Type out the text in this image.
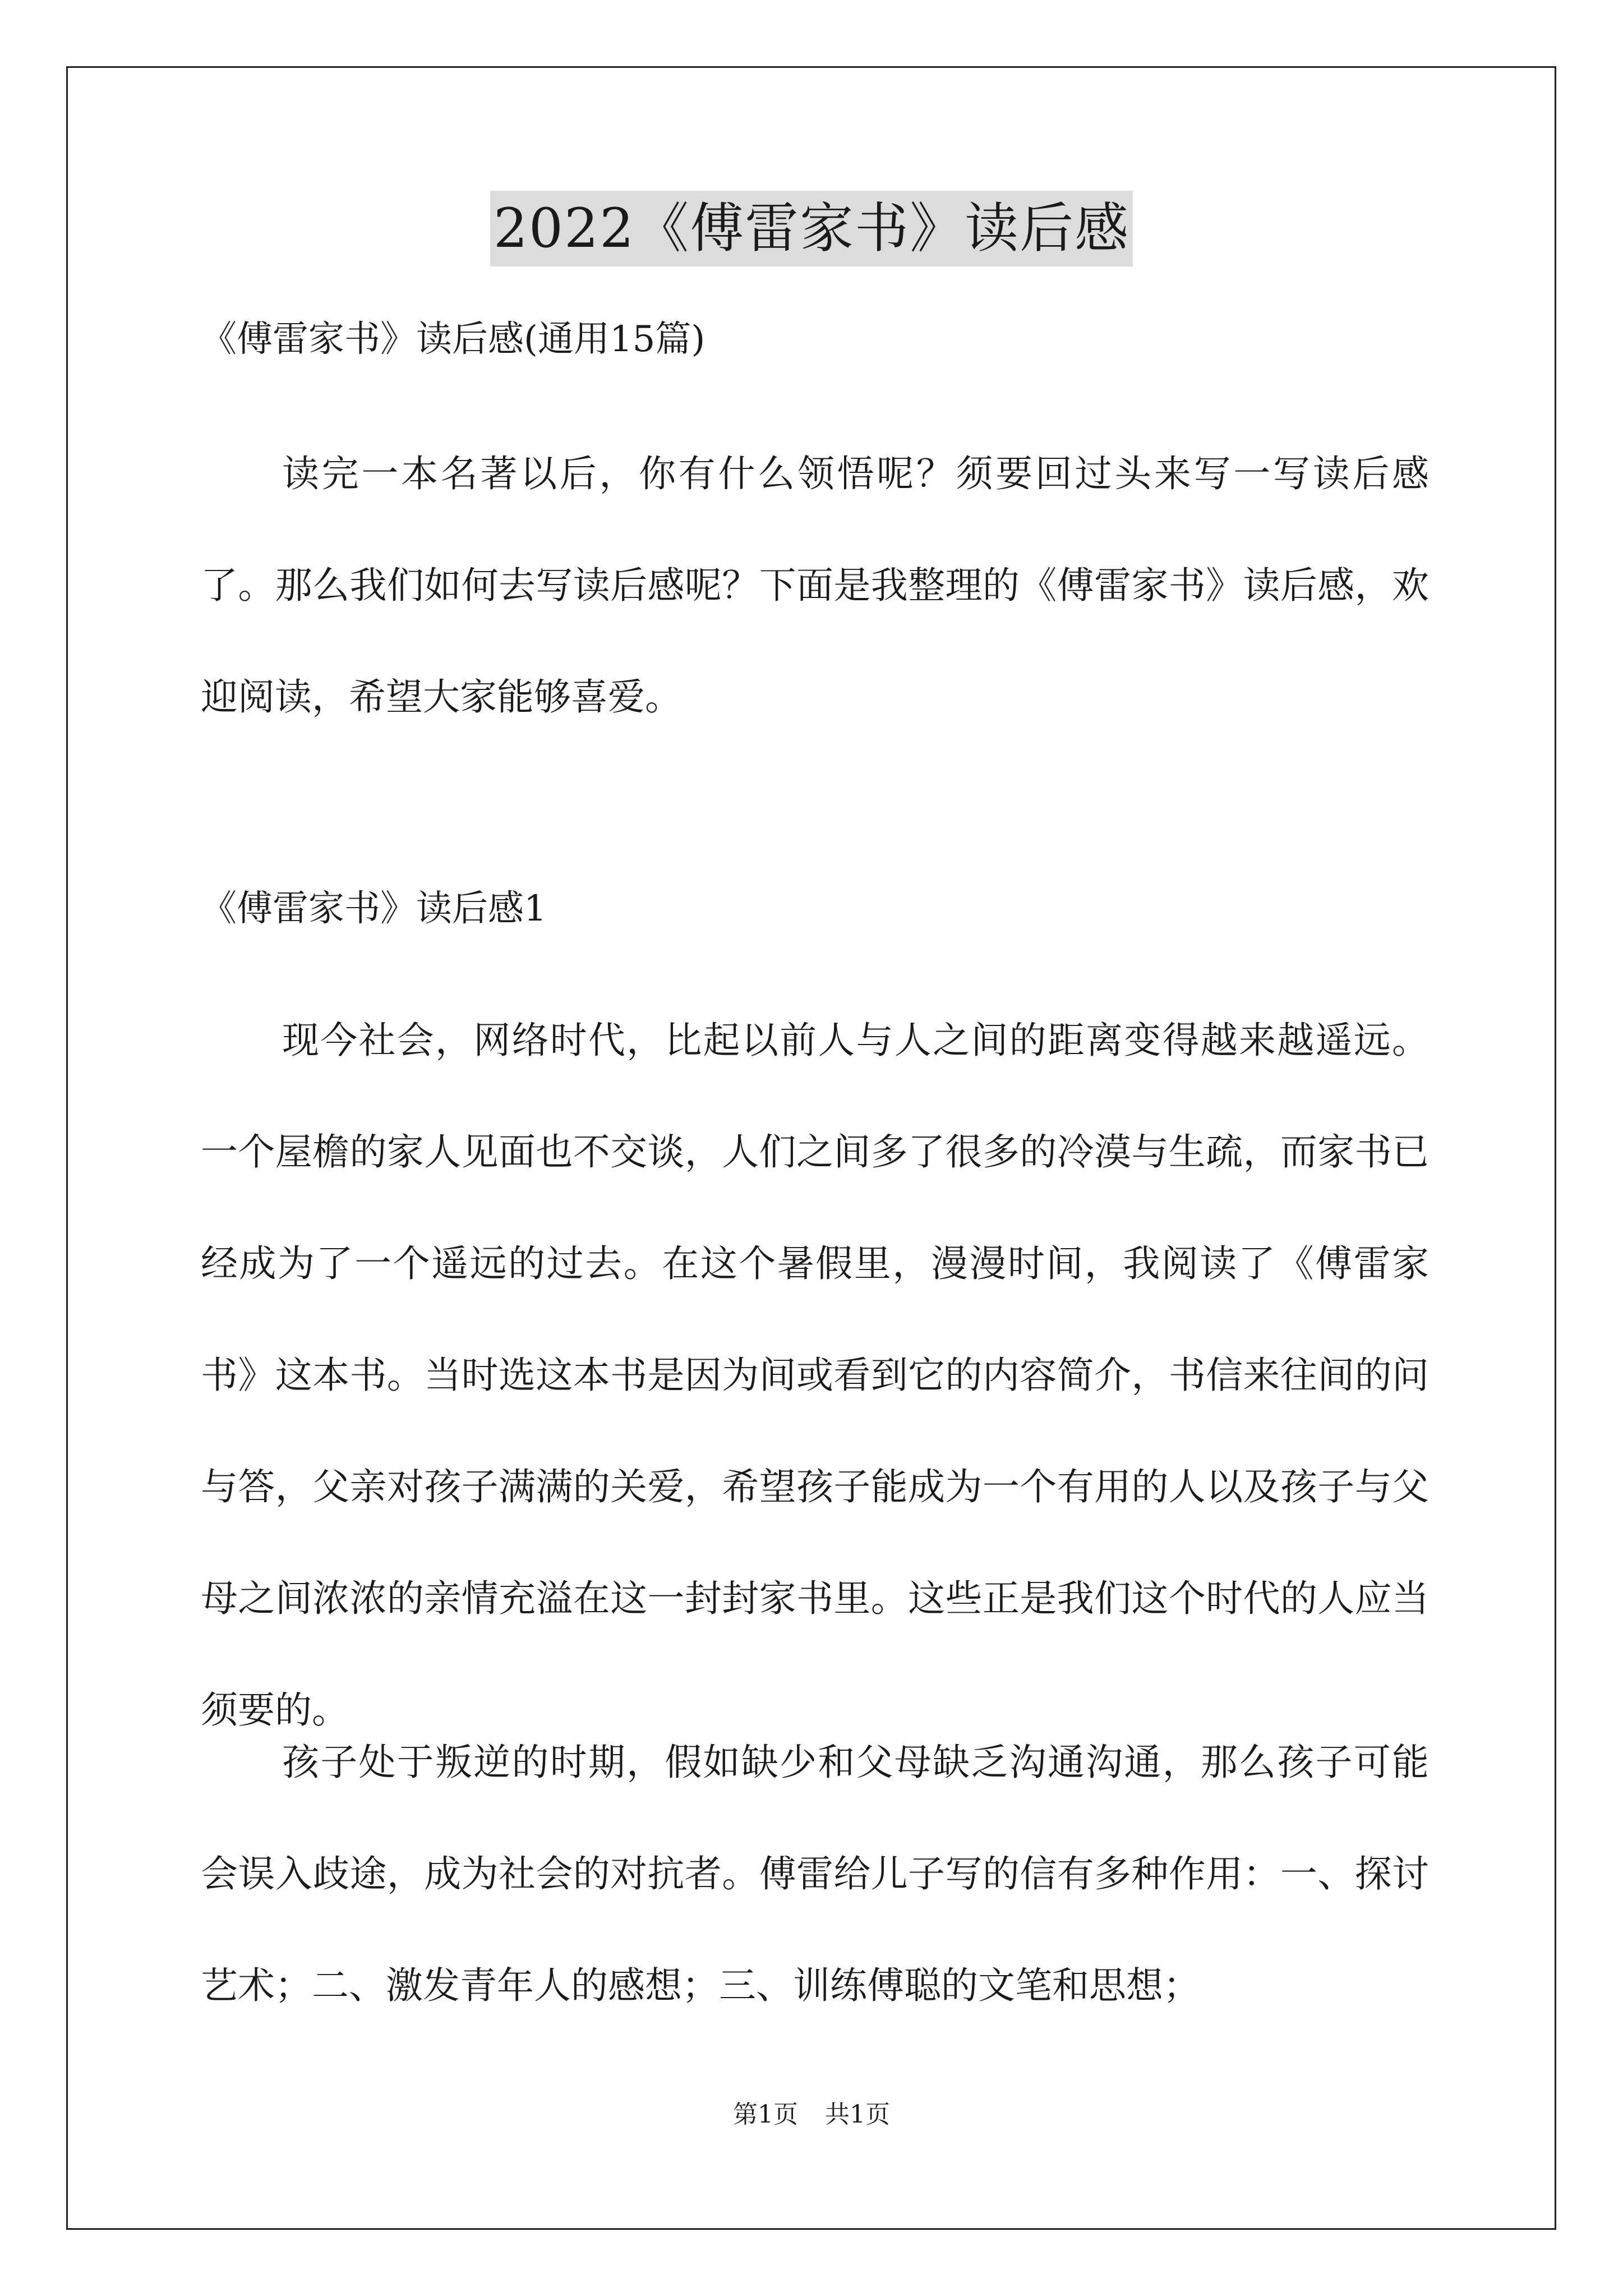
2022《傅雷家书》读后感
《傅雷家书》读后感(通用15篇)
读完一本名著以后，你有什么领悟呢？须要回过头来写一写读后感了。那么我们如何去写读后感呢？下面是我整理的《傅雷家书》读后感，欢迎阅读，希望大家能够喜爱。
《傅雷家书》读后感1
现今社会，网络时代，比起以前人与人之间的距离变得越来越遥远。一个屋檐的家人见面也不交谈，人们之间多了很多的冷漠与生疏，而家书已经成为了一个遥远的过去。在这个暑假里，漫漫时间，我阅读了《傅雷家书》这本书。当时选这本书是因为间或看到它的内容简介，书信来往间的问与答，父亲对孩子满满的关爱，希望孩子能成为一个有用的人以及孩子与父母之间浓浓的亲情充溢在这一封封家书里。这些正是我们这个时代的人应当须要的。
孩子处于叛逆的时期，假如缺少和父母缺乏沟通沟通，那么孩子可能会误入歧途，成为社会的对抗者。傅雷给儿子写的信有多种作用：一、探讨艺术；二、激发青年人的感想；三、训练傅聪的文笔和思想；
第1页 共1页
